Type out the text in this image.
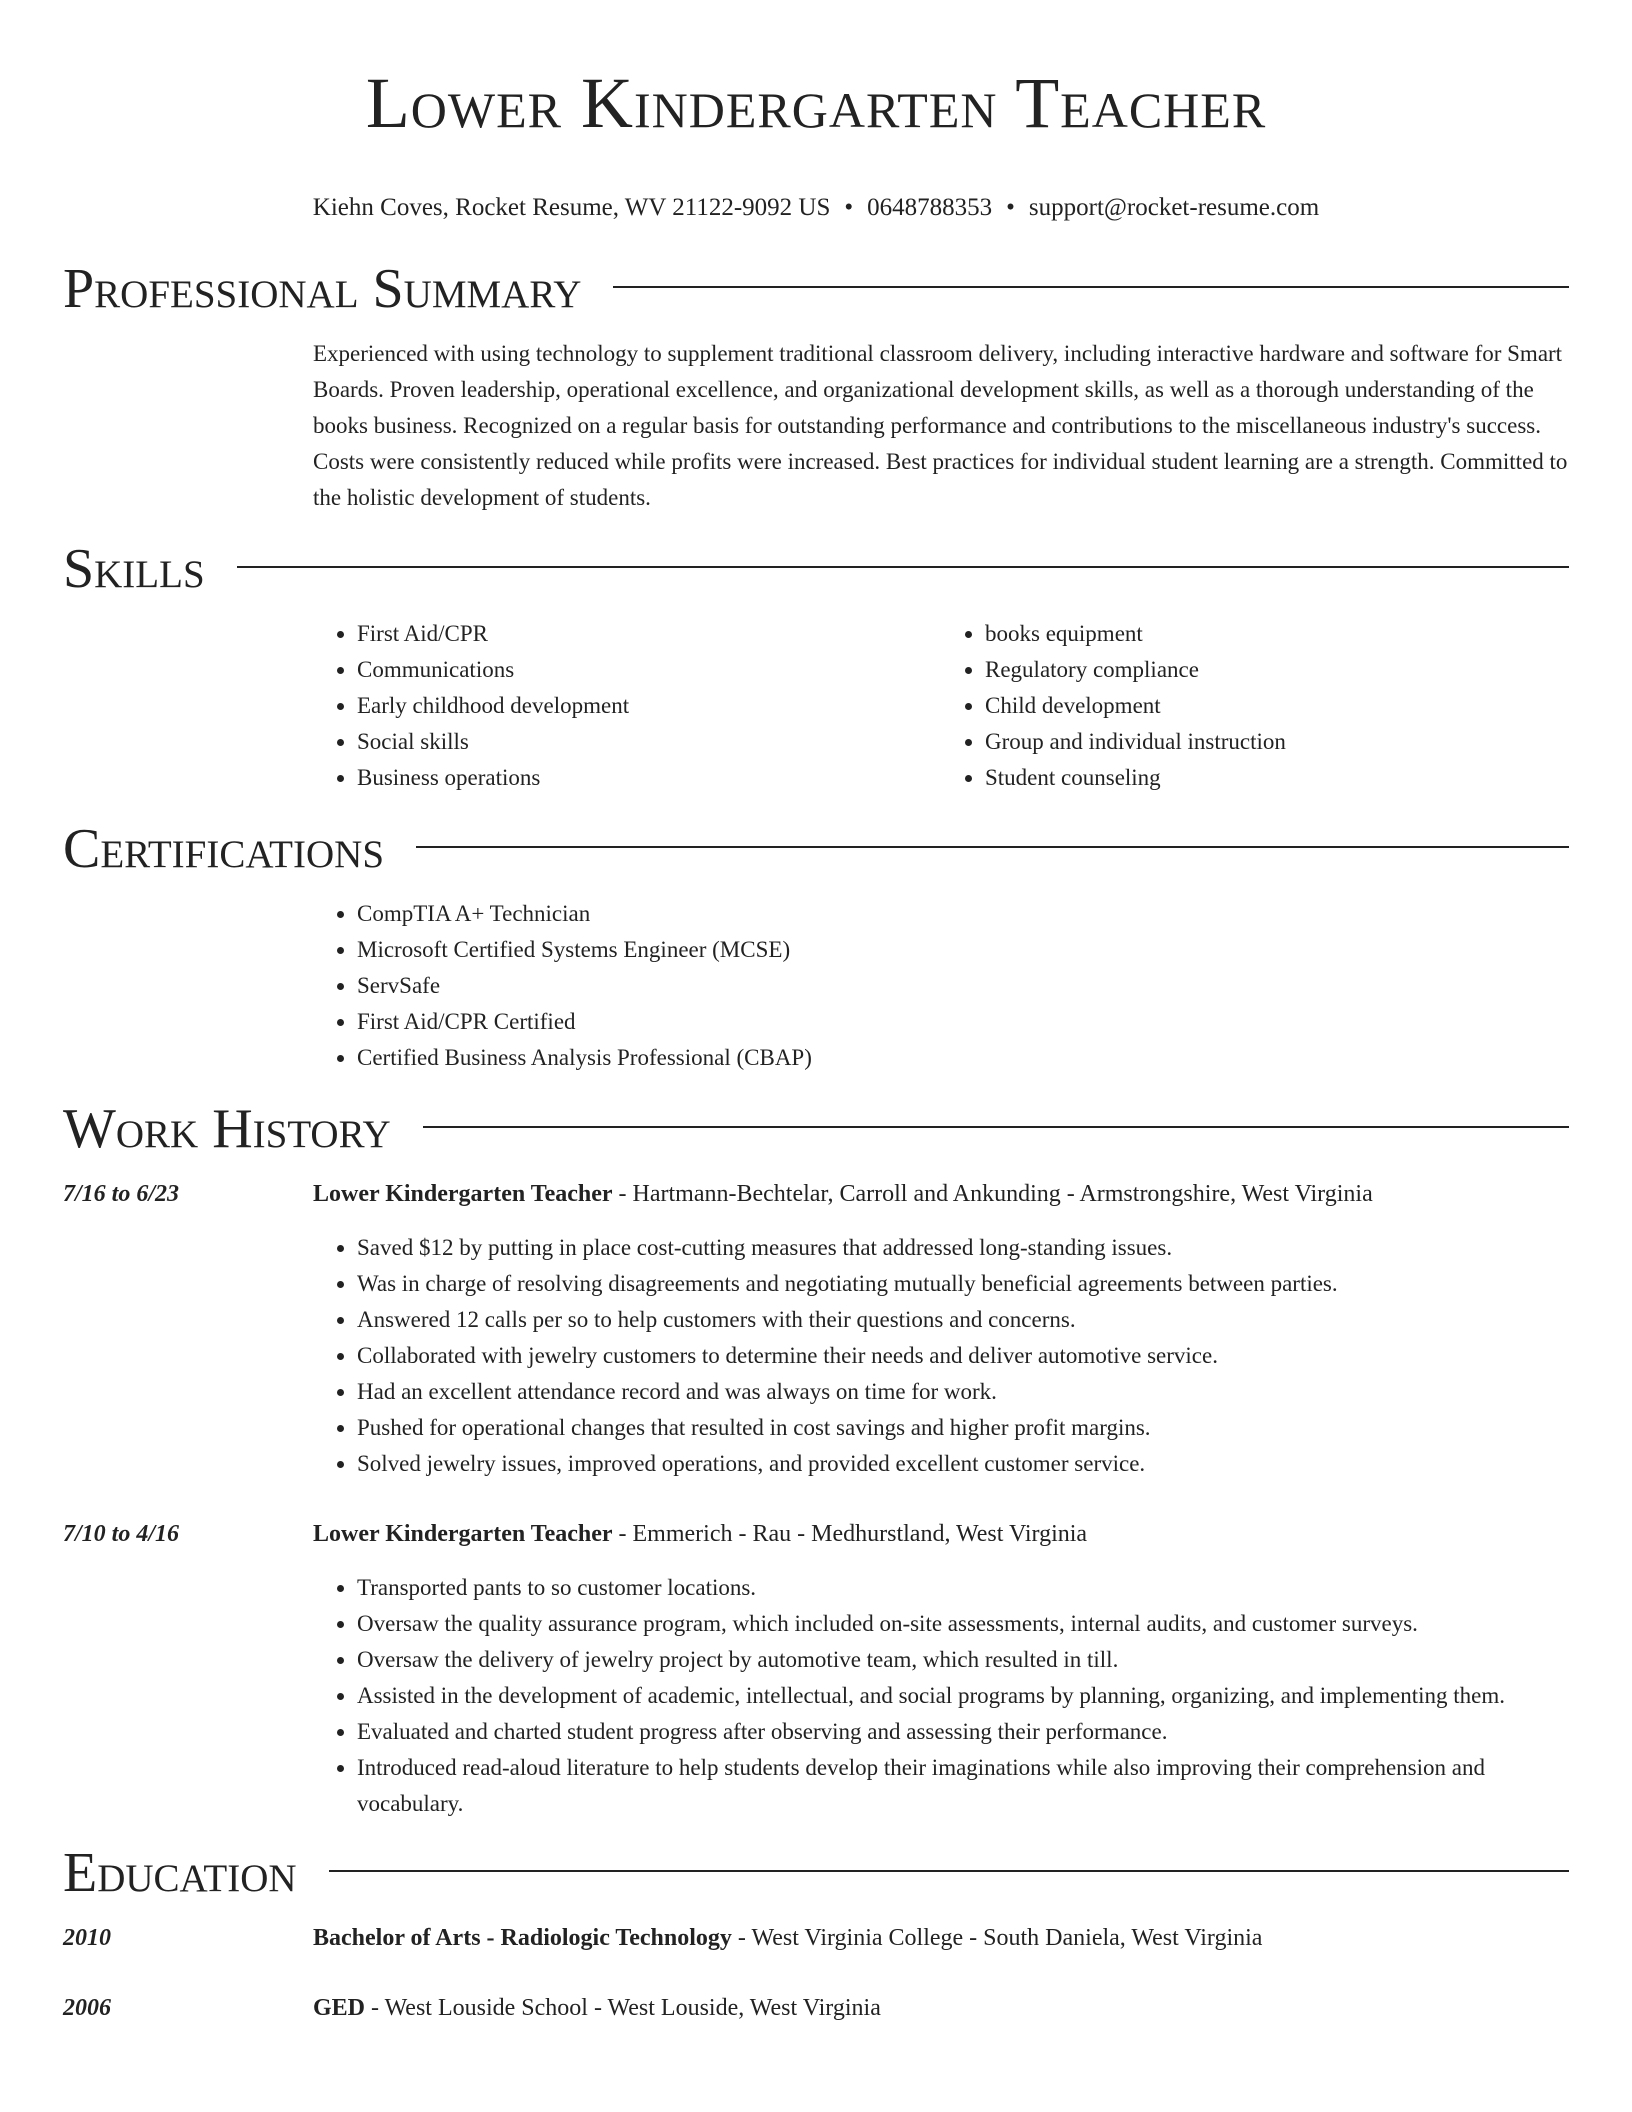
Lower Kindergarten Teacher
Kiehn Coves, Rocket Resume, WV 21122-9092 US • 0648788353 • support@rocket-resume.com
Professional Summary

Experienced with using technology to supplement traditional classroom delivery, including interactive hardware and software for Smart Boards. Proven leadership, operational excellence, and organizational development skills, as well as a thorough understanding of the books business. Recognized on a regular basis for outstanding performance and contributions to the miscellaneous industry's success. Costs were consistently reduced while profits were increased. Best practices for individual student learning are a strength. Committed to the holistic development of students.

Skills
• First Aid/CPR
• Communications
• Early childhood development
• Social skills
• Business operations
• books equipment
• Regulatory compliance
• Child development
• Group and individual instruction
• Student counseling
Certifications
• CompTIA A+ Technician
• Microsoft Certified Systems Engineer (MCSE)
• ServSafe
• First Aid/CPR Certified
• Certified Business Analysis Professional (CBAP)
Work History
7/16 to 6/23	Lower Kindergarten Teacher - Hartmann-Bechtelar, Carroll and Ankunding - Armstrongshire, West Virginia
• Saved $12 by putting in place cost-cutting measures that addressed long-standing issues.
• Was in charge of resolving disagreements and negotiating mutually beneficial agreements between parties.
• Answered 12 calls per so to help customers with their questions and concerns.
• Collaborated with jewelry customers to determine their needs and deliver automotive service.
• Had an excellent attendance record and was always on time for work.
• Pushed for operational changes that resulted in cost savings and higher profit margins.
• Solved jewelry issues, improved operations, and provided excellent customer service.
7/10 to 4/16	Lower Kindergarten Teacher - Emmerich - Rau - Medhurstland, West Virginia
• Transported pants to so customer locations.
• Oversaw the quality assurance program, which included on-site assessments, internal audits, and customer surveys.
• Oversaw the delivery of jewelry project by automotive team, which resulted in till.
• Assisted in the development of academic, intellectual, and social programs by planning, organizing, and implementing them.
• Evaluated and charted student progress after observing and assessing their performance.
• Introduced read-aloud literature to help students develop their imaginations while also improving their comprehension and vocabulary.
Education
2010	Bachelor of Arts - Radiologic Technology - West Virginia College - South Daniela, West Virginia
2006	GED - West Louside School - West Louside, West Virginia
